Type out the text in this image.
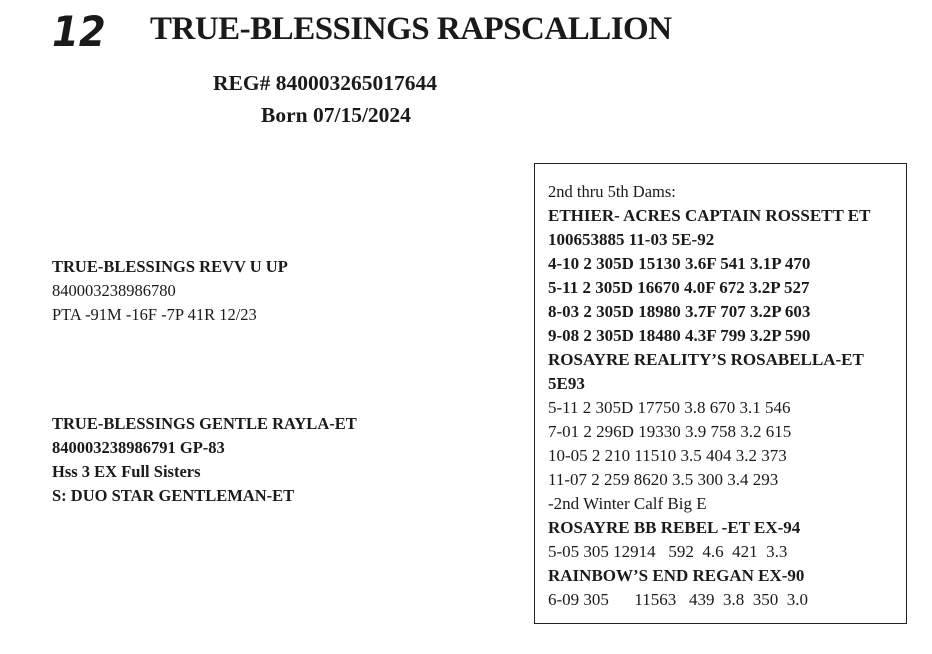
12 TRUE-BLESSINGS RAPSCALLION
REG# 840003265017644
Born 07/15/2024
TRUE-BLESSINGS REVV U UP
840003238986780
PTA -91M -16F -7P 41R 12/23
TRUE-BLESSINGS GENTLE RAYLA-ET
840003238986791 GP-83
Hss 3 EX Full Sisters
S: DUO STAR GENTLEMAN-ET
2nd thru 5th Dams:
ETHIER- ACRES CAPTAIN ROSSETT ET
100653885 11-03 5E-92
4-10 2 305D 15130 3.6F 541 3.1P 470
5-11 2 305D 16670 4.0F 672 3.2P 527
8-03 2 305D 18980 3.7F 707 3.2P 603
9-08 2 305D 18480 4.3F 799 3.2P 590
ROSAYRE REALITY’S ROSABELLA-ET
5E93
5-11 2 305D 17750 3.8 670 3.1 546
7-01 2 296D 19330 3.9 758 3.2 615
10-05 2 210 11510 3.5 404 3.2 373
11-07 2 259 8620 3.5 300 3.4 293
-2nd Winter Calf Big E
ROSAYRE BB REBEL -ET EX-94
5-05 305 12914   592  4.6  421  3.3
RAINBOW’S END REGAN EX-90
6-09 305      11563   439  3.8  350  3.0
